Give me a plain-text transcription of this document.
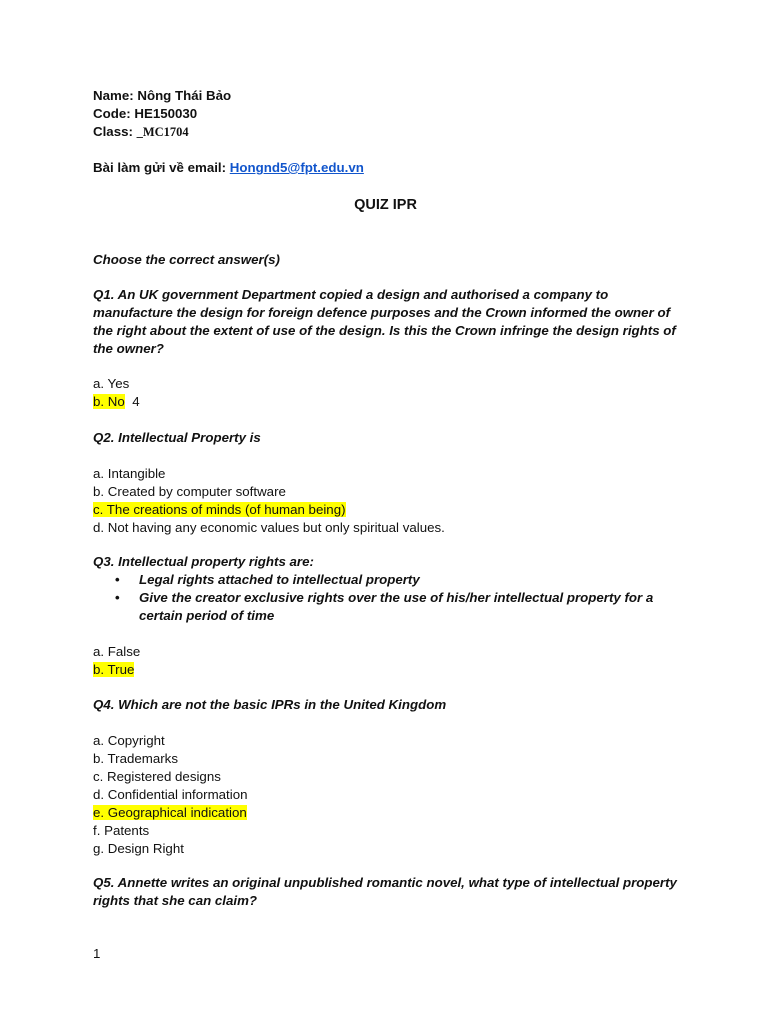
Name: Nông Thái Bảo
Code: HE150030
Class: _MC1704
Bài làm gửi về email: Hongnd5@fpt.edu.vn
QUIZ IPR
Choose the correct answer(s)
Q1. An UK government Department copied a design and authorised a company to manufacture the design for foreign defence purposes and the Crown informed the owner of the right about the extent of use of the design. Is this the Crown infringe the design rights of the owner?
a. Yes
b. No 4
Q2. Intellectual Property is
a. Intangible
b. Created by computer software
c. The creations of minds (of human being)
d. Not having any economic values but only spiritual values.
Q3. Intellectual property rights are:
• Legal rights attached to intellectual property
• Give the creator exclusive rights over the use of his/her intellectual property for a certain period of time
a. False
b. True
Q4. Which are not the basic IPRs in the United Kingdom
a. Copyright
b. Trademarks
c. Registered designs
d. Confidential information
e. Geographical indication
f. Patents
g. Design Right
Q5. Annette writes an original unpublished romantic novel, what type of intellectual property rights that she can claim?
1
